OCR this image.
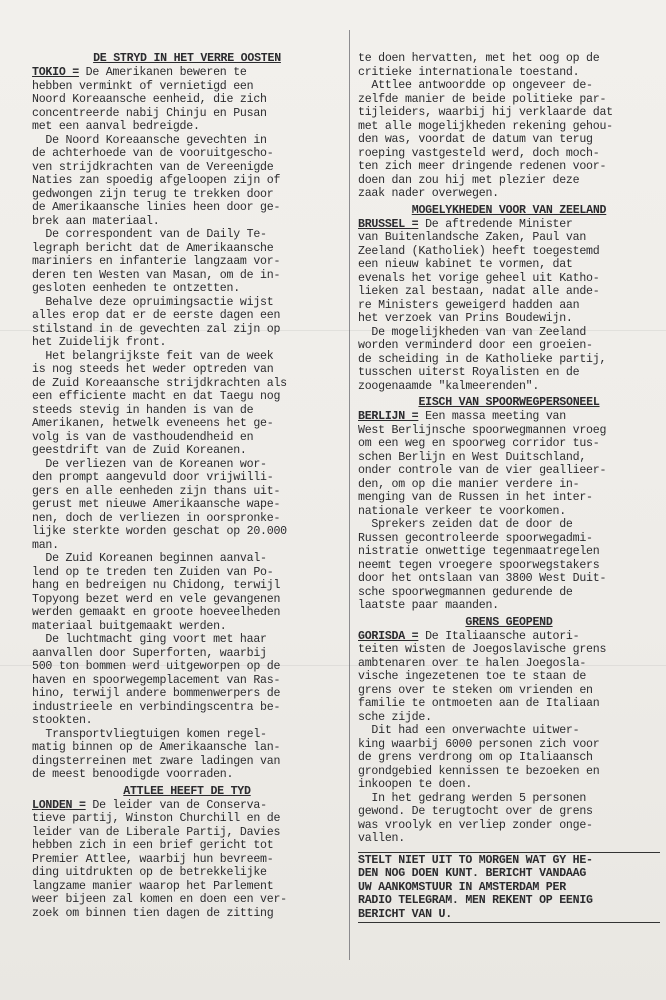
DE STRYD IN HET VERRE OOSTEN
TOKIO = De Amerikanen beweren te
hebben verminkt of vernietigd een
Noord Koreaansche eenheid, die zich
concentreerde nabij Chinju en Pusan
met een aanval bedreigde.
De Noord Koreaansche gevechten in
de achterhoede van de vooruitgescho-
ven strijdkrachten van de Vereenigde
Naties zan spoedig afgeloopen zijn of
gedwongen zijn terug te trekken door
de Amerikaansche linies heen door ge-
brek aan materiaal.
De correspondent van de Daily Te-
legraph bericht dat de Amerikaansche
mariniers en infanterie langzaam vor-
deren ten Westen van Masan, om de in-
gesloten eenheden te ontzetten.
Behalve deze opruimingsactie wijst
alles erop dat er de eerste dagen een
stilstand in de gevechten zal zijn op
het Zuidelijk front.
Het belangrijkste feit van de week
is nog steeds het weder optreden van
de Zuid Koreaansche strijdkrachten als
een efficiente macht en dat Taegu nog
steeds stevig in handen is van de
Amerikanen, hetwelk eveneens het ge-
volg is van de vasthoudendheid en
geestdrift van de Zuid Koreanen.
De verliezen van de Koreanen wor-
den prompt aangevuld door vrijwilli-
gers en alle eenheden zijn thans uit-
gerust met nieuwe Amerikaansche wape-
nen, doch de verliezen in oorspronke-
lijke sterkte worden geschat op 20.000
man.
De Zuid Koreanen beginnen aanval-
lend op te treden ten Zuiden van Po-
hang en bedreigen nu Chidong, terwijl
Topyong bezet werd en vele gevangenen
werden gemaakt en groote hoeveelheden
materiaal buitgemaakt werden.
De luchtmacht ging voort met haar
aanvallen door Superforten, waarbij
500 ton bommen werd uitgeworpen op de
haven en spoorwegemplacement van Ras-
hino, terwijl andere bommenwerpers de
industrieele en verbindingscentra be-
stookten.
Transportvliegtuigen komen regel-
matig binnen op de Amerikaansche lan-
dingsterreinen met zware ladingen van
de meest benoodigde voorraden.
ATTLEE HEEFT DE TYD
LONDEN = De leider van de Conserva-
tieve partij, Winston Churchill en de
leider van de Liberale Partij, Davies
hebben zich in een brief gericht tot
Premier Attlee, waarbij hun bevreem-
ding uitdrukten op de betrekkelijke
langzame manier waarop het Parlement
weer bijeen zal komen en doen een ver-
zoek om binnen tien dagen de zitting
te doen hervatten, met het oog op de
critieke internationale toestand.
Attlee antwoordde op ongeveer de-
zelfde manier de beide politieke par-
tijleiders, waarbij hij verklaarde dat
met alle mogelijkheden rekening gehou-
den was, voordat de datum van terug
roeping vastgesteld werd, doch moch-
ten zich meer dringende redenen voor-
doen dan zou hij met plezier deze
zaak nader overwegen.
MOGELYKHEDEN VOOR VAN ZEELAND
BRUSSEL = De aftredende Minister
van Buitenlandsche Zaken, Paul van
Zeeland (Katholiek) heeft toegestemd
een nieuw kabinet te vormen, dat
evenals het vorige geheel uit Katho-
lieken zal bestaan, nadat alle ande-
re Ministers geweigerd hadden aan
het verzoek van Prins Boudewijn.
De mogelijkheden van van Zeeland
worden verminderd door een groeien-
de scheiding in de Katholieke partij,
tusschen uiterst Royalisten en de
zoogenaamde "kalmeerenden".
EISCH VAN SPOORWEGPERSONEEL
BERLIJN = Een massa meeting van
West Berlijnsche spoorwegmannen vroeg
om een weg en spoorweg corridor tus-
schen Berlijn en West Duitschland,
onder controle van de vier geallieer-
den, om op die manier verdere in-
menging van de Russen in het inter-
nationale verkeer te voorkomen.
Sprekers zeiden dat de door de
Russen gecontroleerde spoorwegadmi-
nistratie onwettige tegenmaatregelen
neemt tegen vroegere spoorwegstakers
door het ontslaan van 3800 West Duit-
sche spoorwegmannen gedurende de
laatste paar maanden.
GRENS GEOPEND
GORISDA = De Italiaansche autori-
teiten wisten de Joegoslavische grens
ambtenaren over te halen Joegosla-
vische ingezetenen toe te staan de
grens over te steken om vrienden en
familie te ontmoeten aan de Italiaan
sche zijde.
Dit had een onverwachte uitwer-
king waarbij 6000 personen zich voor
de grens verdrong om op Italiaansch
grondgebied kennissen te bezoeken en
inkoopen te doen.
In het gedrang werden 5 personen
gewond. De terugtocht over de grens
was vroolyk en verliep zonder onge-
vallen.
STELT NIET UIT TO MORGEN WAT GY HE-
DEN NOG DOEN KUNT. BERICHT VANDAAG
UW AANKOMSTUUR IN AMSTERDAM PER
RADIO TELEGRAM. MEN REKENT OP EENIG
BERICHT VAN U.
